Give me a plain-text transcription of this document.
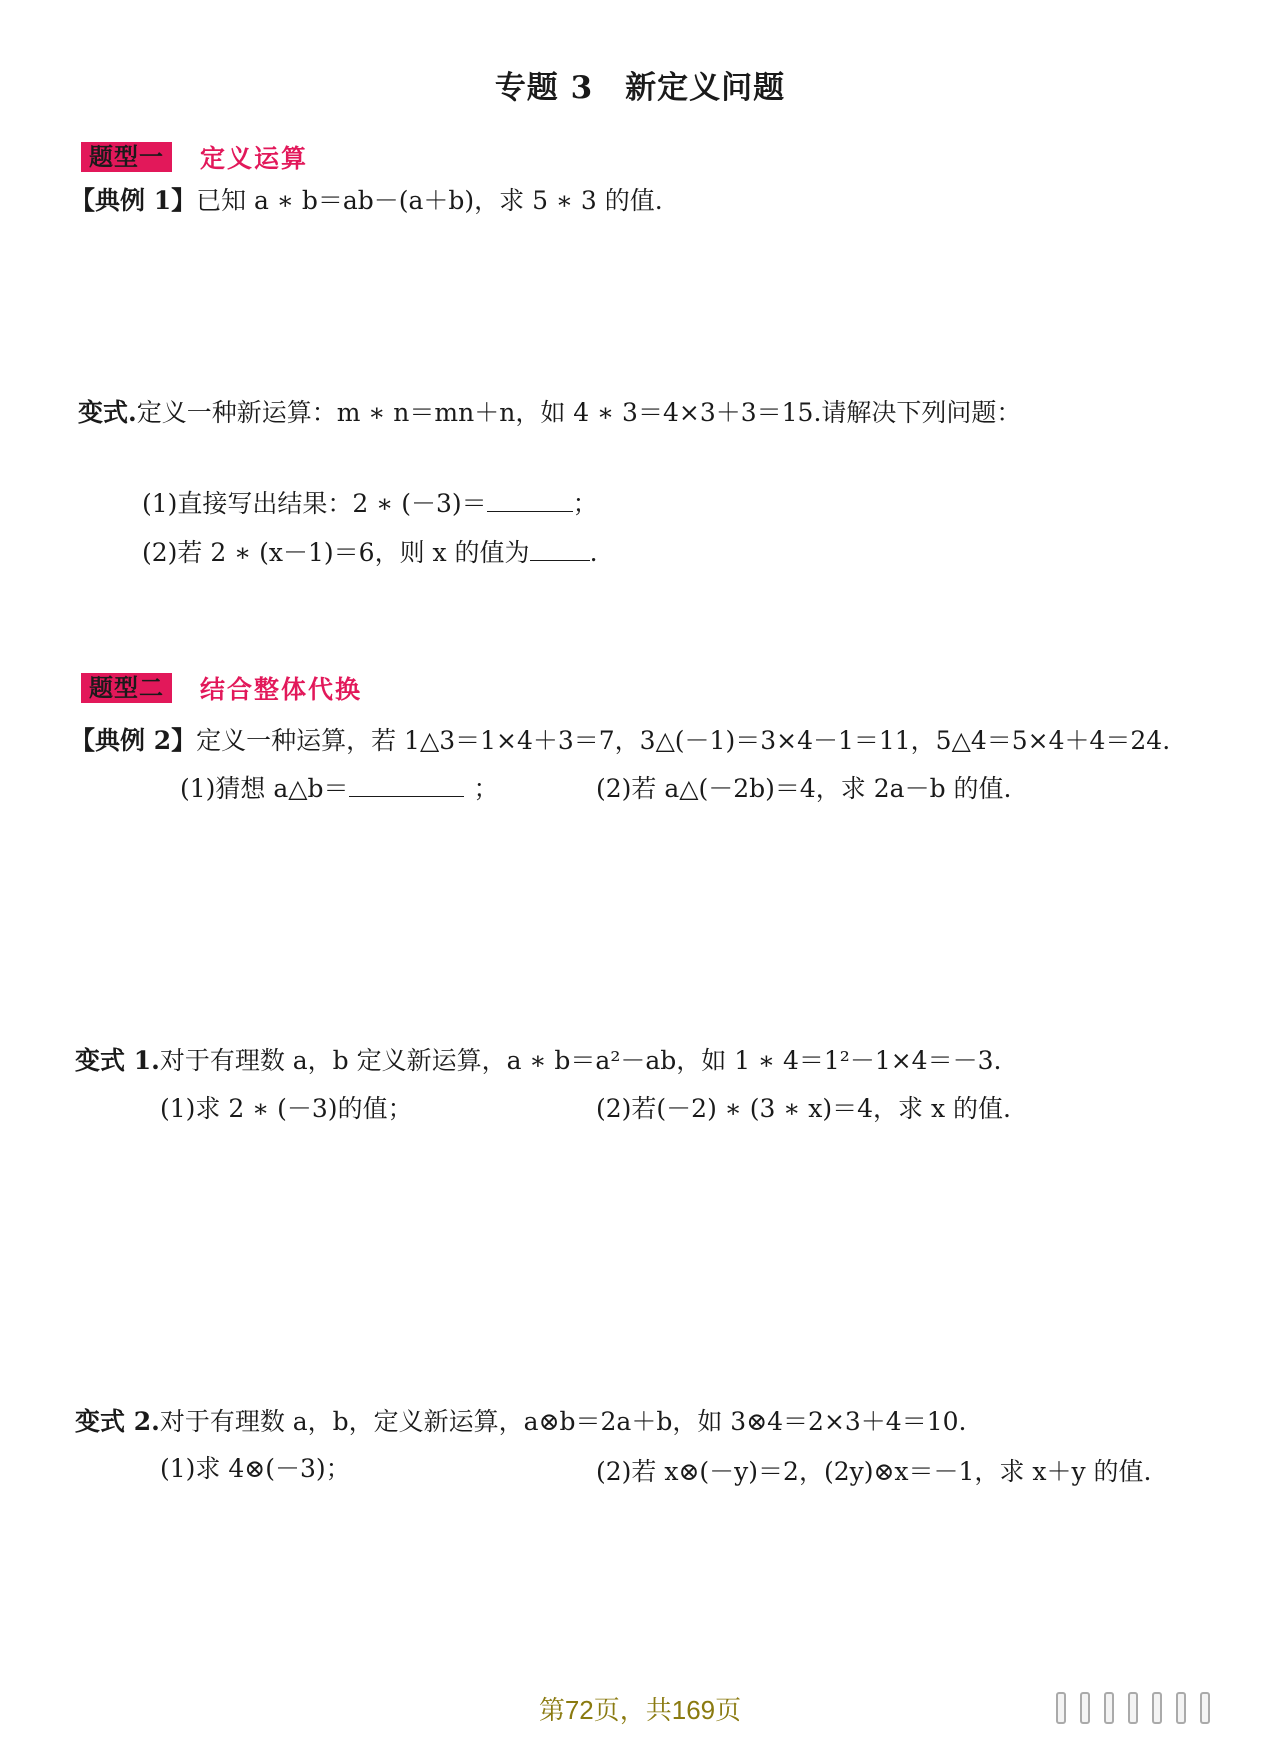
专题 3　新定义问题
题型一	定义运算
【典例 1】已知 a ∗ b＝ab－(a＋b)，求 5 ∗ 3 的值.
变式.定义一种新运算：m ∗ n＝mn＋n，如 4 ∗ 3＝4×3＋3＝15.请解决下列问题：
(1)直接写出结果：2 ∗ (－3)＝	；
(2)若 2 ∗ (x－1)＝6，则 x 的值为 .
题型二	结合整体代换
【典例 2】定义一种运算，若 1△3＝1×4＋3＝7，3△(－1)＝3×4－1＝11，5△4＝5×4＋4＝24.
(1)猜想 a△b＝	；	(2)若 a△(－2b)＝4，求 2a－b 的值.
变式 1.对于有理数 a，b 定义新运算，a ∗ b＝a²－ab，如 1 ∗ 4＝1²－1×4＝－3.
(1)求 2 ∗ (－3)的值；	(2)若(－2) ∗ (3 ∗ x)＝4，求 x 的值.
变式 2.对于有理数 a，b，定义新运算，a⊗b＝2a＋b，如 3⊗4＝2×3＋4＝10.
(1)求 4⊗(－3)；	(2)若 x⊗(－y)＝2，(2y)⊗x＝－1，求 x＋y 的值.
第72页，共169页
